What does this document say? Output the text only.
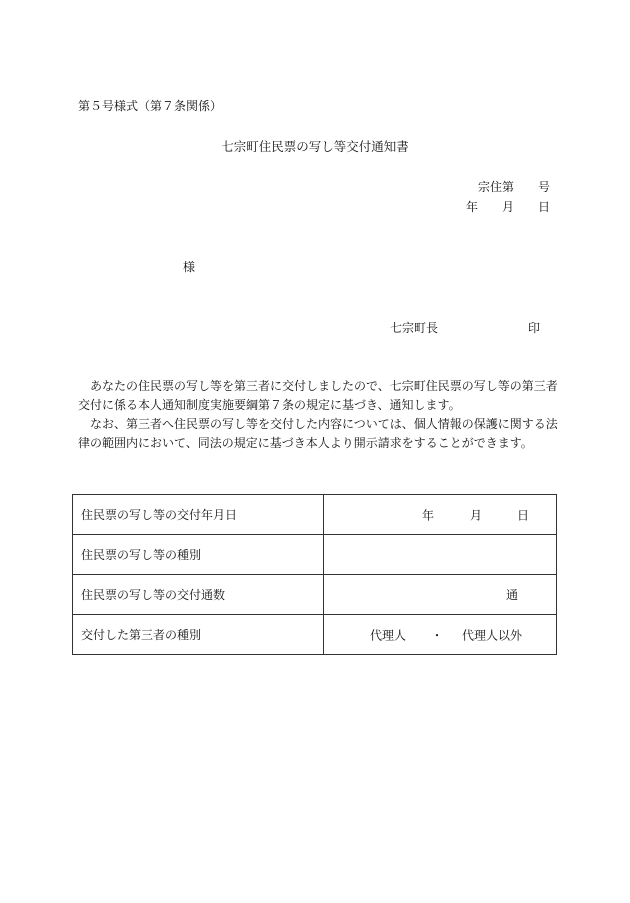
第５号様式（第７条関係）
七宗町住民票の写し等交付通知書
宗住第　　号
年　　月　　日
様
七宗町長	印

あなたの住民票の写し等を第三者に交付しましたので、七宗町住民票の写し等の第三者交付に係る本人通知制度実施要綱第７条の規定に基づき、通知します。

なお、第三者へ住民票の写し等を交付した内容については、個人情報の保護に関する法律の範囲内において、同法の規定に基づき本人より開示請求をすることができます。

住民票の写し等の交付年月日	年 月 日

住民票の写し等の種別	
住民票の写し等の交付通数	通
交付した第三者の種別	代理人 ・ 代理人以外
